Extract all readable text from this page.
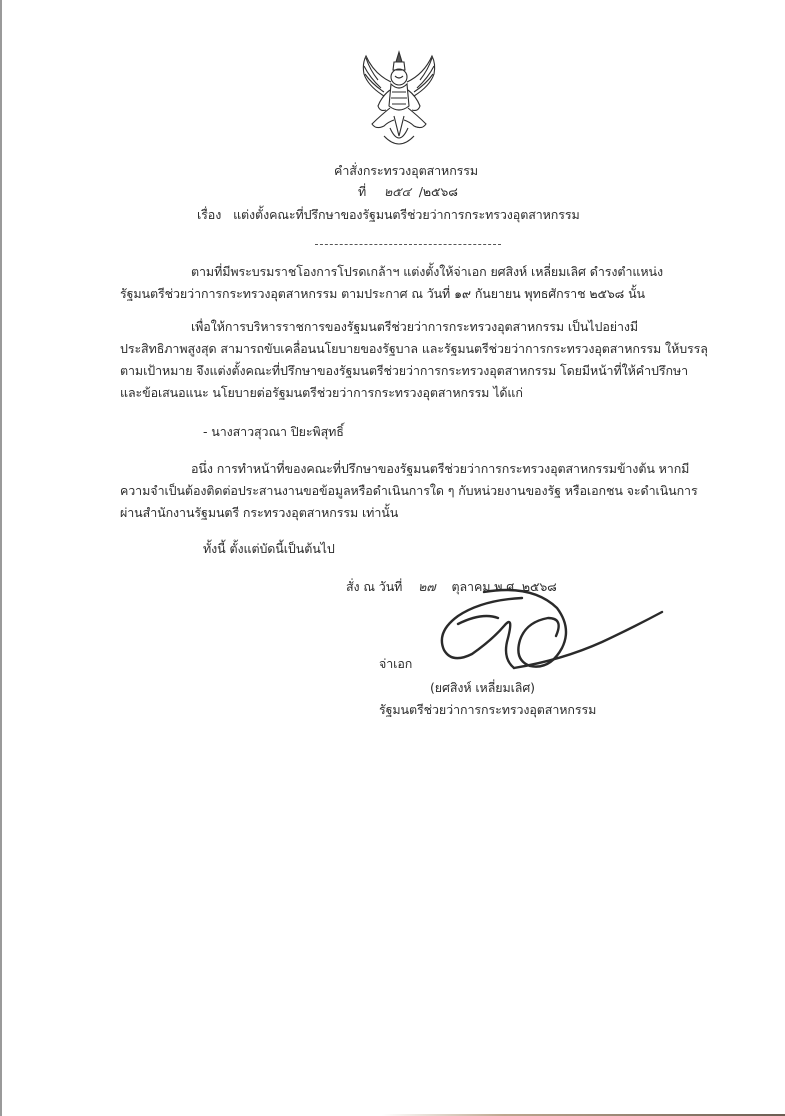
คำสั่งกระทรวงอุตสาหกรรม
ที่ ๒๕๔ /๒๕๖๘
เรื่อง แต่งตั้งคณะที่ปรึกษาของรัฐมนตรีช่วยว่าการกระทรวงอุตสาหกรรม
ตามที่มีพระบรมราชโองการโปรดเกล้าฯ แต่งตั้งให้จ่าเอก ยศสิงห์ เหลี่ยมเลิศ ดำรงตำแหน่ง
รัฐมนตรีช่วยว่าการกระทรวงอุตสาหกรรม ตามประกาศ ณ วันที่ ๑๙ กันยายน พุทธศักราช ๒๕๖๘ นั้น
เพื่อให้การบริหารราชการของรัฐมนตรีช่วยว่าการกระทรวงอุตสาหกรรม เป็นไปอย่างมี
ประสิทธิภาพสูงสุด สามารถขับเคลื่อนนโยบายของรัฐบาล และรัฐมนตรีช่วยว่าการกระทรวงอุตสาหกรรม ให้บรรลุ
ตามเป้าหมาย จึงแต่งตั้งคณะที่ปรึกษาของรัฐมนตรีช่วยว่าการกระทรวงอุตสาหกรรม โดยมีหน้าที่ให้คำปรึกษา
และข้อเสนอแนะ นโยบายต่อรัฐมนตรีช่วยว่าการกระทรวงอุตสาหกรรม ได้แก่
- นางสาวสุวณา ปิยะพิสุทธิ์
อนึ่ง การทำหน้าที่ของคณะที่ปรึกษาของรัฐมนตรีช่วยว่าการกระทรวงอุตสาหกรรมข้างต้น หากมี
ความจำเป็นต้องติดต่อประสานงานขอข้อมูลหรือดำเนินการใด ๆ กับหน่วยงานของรัฐ หรือเอกชน จะดำเนินการ
ผ่านสำนักงานรัฐมนตรี กระทรวงอุตสาหกรรม เท่านั้น
ทั้งนี้ ตั้งแต่บัดนี้เป็นต้นไป
สั่ง ณ วันที่ ๒๗ ตุลาคม พ.ศ. ๒๕๖๘
จ่าเอก
(ยศสิงห์ เหลี่ยมเลิศ)
รัฐมนตรีช่วยว่าการกระทรวงอุตสาหกรรม
